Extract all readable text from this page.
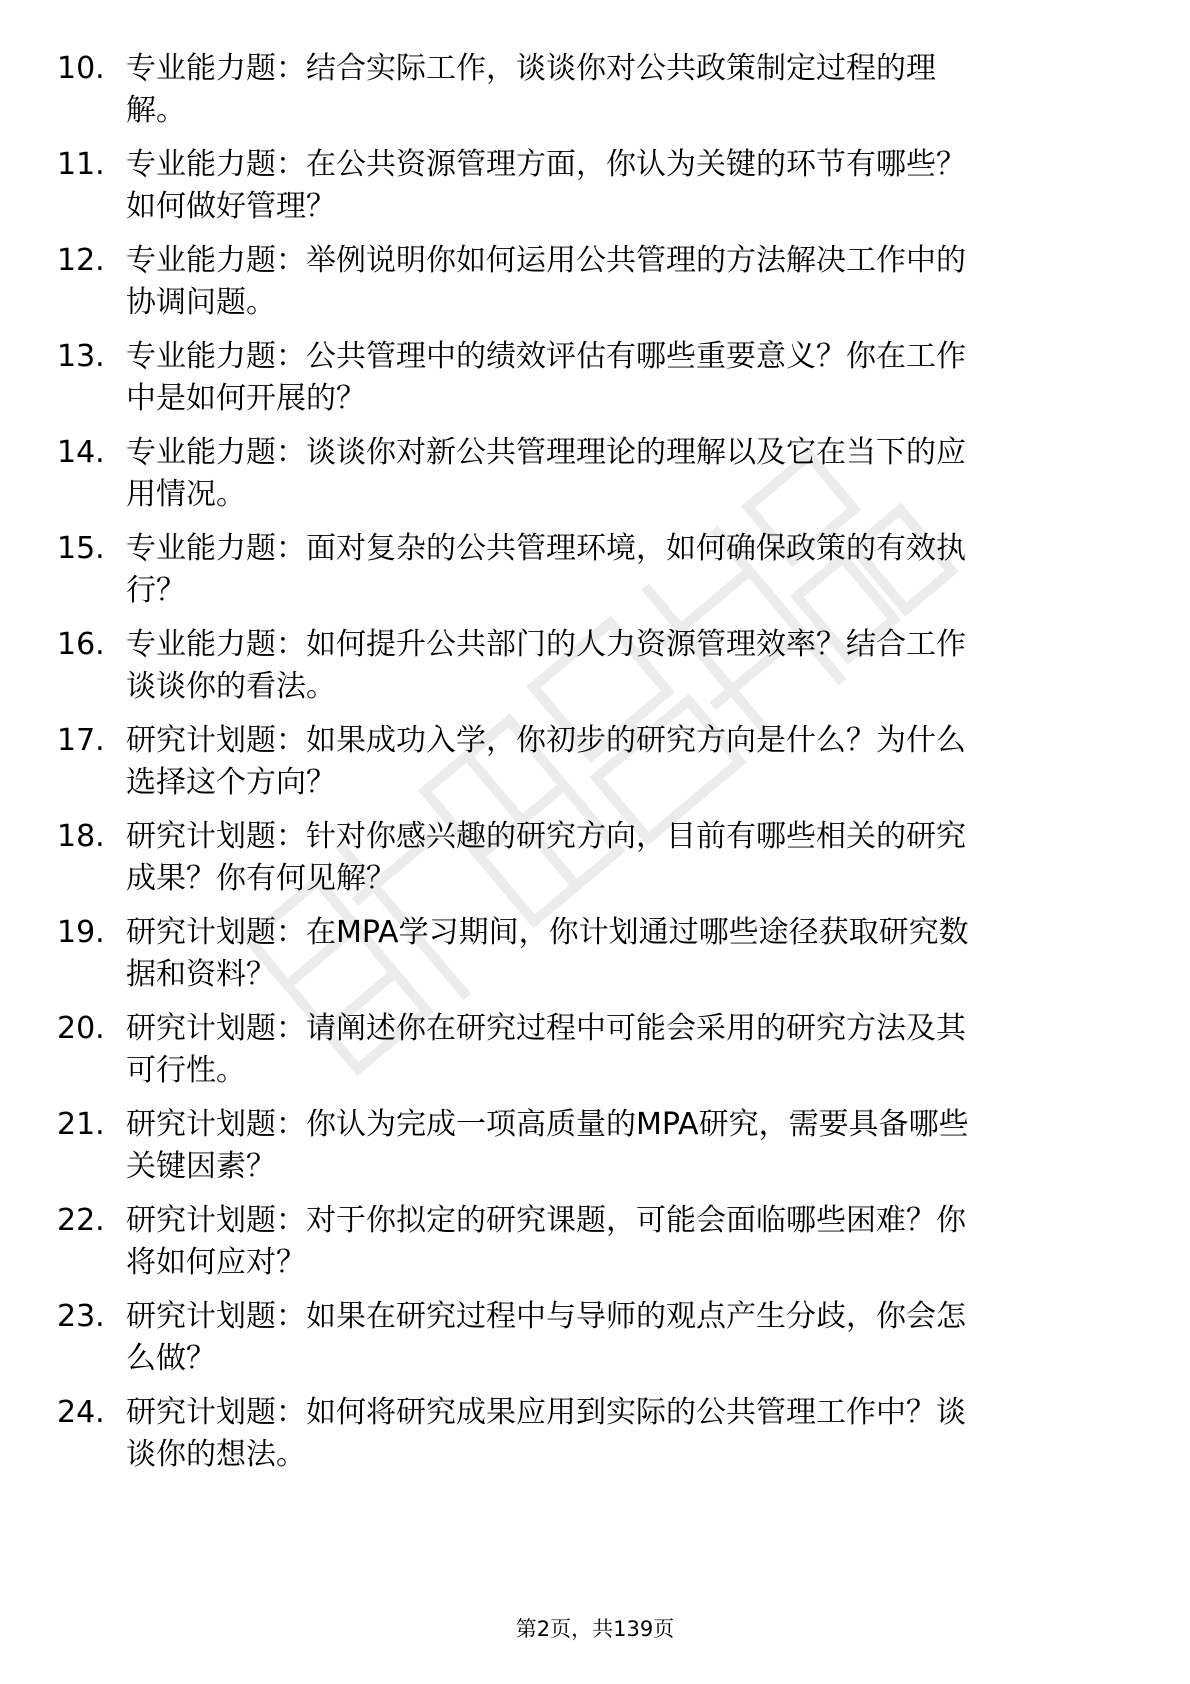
10. 专业能力题：结合实际工作，谈谈你对公共政策制定过程的理
解。
11. 专业能力题：在公共资源管理方面，你认为关键的环节有哪些？
如何做好管理？
12. 专业能力题：举例说明你如何运用公共管理的方法解决工作中的
协调问题。
13. 专业能力题：公共管理中的绩效评估有哪些重要意义？你在工作
中是如何开展的？
14. 专业能力题：谈谈你对新公共管理理论的理解以及它在当下的应
用情况。
15. 专业能力题：面对复杂的公共管理环境，如何确保政策的有效执
行？
16. 专业能力题：如何提升公共部门的人力资源管理效率？结合工作
谈谈你的看法。
17. 研究计划题：如果成功入学，你初步的研究方向是什么？为什么
选择这个方向？
18. 研究计划题：针对你感兴趣的研究方向，目前有哪些相关的研究
成果？你有何见解？
19. 研究计划题：在MPA学习期间，你计划通过哪些途径获取研究数
据和资料？
20. 研究计划题：请阐述你在研究过程中可能会采用的研究方法及其
可行性。
21. 研究计划题：你认为完成一项高质量的MPA研究，需要具备哪些
关键因素？
22. 研究计划题：对于你拟定的研究课题，可能会面临哪些困难？你
将如何应对？
23. 研究计划题：如果在研究过程中与导师的观点产生分歧，你会怎
么做？
24. 研究计划题：如何将研究成果应用到实际的公共管理工作中？谈
谈你的想法。
第2页，共139页
